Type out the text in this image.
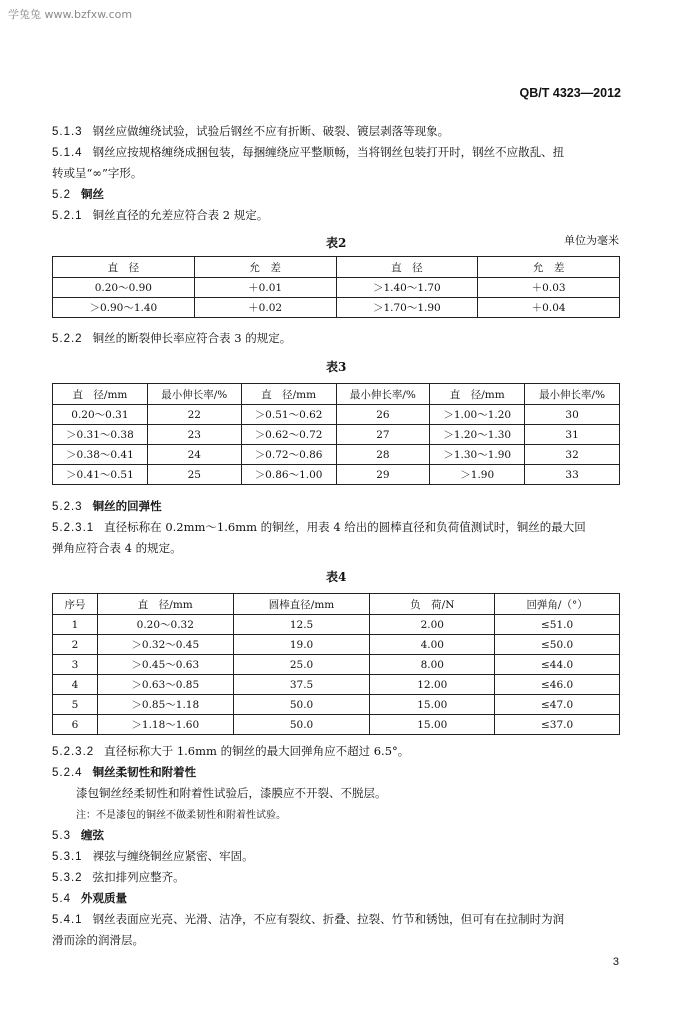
学兔兔 www.bzfxw.com
QB/T 4323—2012
5.1.3 钢丝应做缠绕试验，试验后钢丝不应有折断、破裂、镀层剥落等现象。
5.1.4 钢丝应按规格缠绕成捆包装，每捆缠绕应平整顺畅，当将钢丝包装打开时，钢丝不应散乱、扭
转或呈“∞”字形。
5.2 铜丝
5.2.1 铜丝直径的允差应符合表 2 规定。
表2	单位为毫米
直　径	允　差	直　径	允　差
0.20～0.90	＋0.01	＞1.40～1.70	＋0.03
＞0.90～1.40	＋0.02	＞1.70～1.90	＋0.04
5.2.2 铜丝的断裂伸长率应符合表 3 的规定。
表3
直　径/mm	最小伸长率/%	直　径/mm	最小伸长率/%	直　径/mm	最小伸长率/%
0.20～0.31	22	＞0.51～0.62	26	＞1.00～1.20	30
＞0.31～0.38	23	＞0.62～0.72	27	＞1.20～1.30	31
＞0.38～0.41	24	＞0.72～0.86	28	＞1.30～1.90	32
＞0.41～0.51	25	＞0.86～1.00	29	＞1.90	33
5.2.3 铜丝的回弹性
5.2.3.1 直径标称在 0.2mm～1.6mm 的铜丝，用表 4 给出的圆棒直径和负荷值测试时，铜丝的最大回
弹角应符合表 4 的规定。
表4
序号	直　径/mm	圆棒直径/mm	负　荷/N	回弹角/（°）
1	0.20～0.32	12.5	2.00	≤51.0
2	＞0.32～0.45	19.0	4.00	≤50.0
3	＞0.45～0.63	25.0	8.00	≤44.0
4	＞0.63～0.85	37.5	12.00	≤46.0
5	＞0.85～1.18	50.0	15.00	≤47.0
6	＞1.18～1.60	50.0	15.00	≤37.0
5.2.3.2 直径标称大于 1.6mm 的铜丝的最大回弹角应不超过 6.5°。
5.2.4 铜丝柔韧性和附着性
漆包铜丝经柔韧性和附着性试验后，漆膜应不开裂、不脱层。
注：不是漆包的铜丝不做柔韧性和附着性试验。
5.3 缠弦
5.3.1 裸弦与缠绕铜丝应紧密、牢固。
5.3.2 弦扣排列应整齐。
5.4 外观质量
5.4.1 钢丝表面应光亮、光滑、洁净，不应有裂纹、折叠、拉裂、竹节和锈蚀，但可有在拉制时为润
滑而涂的润滑层。
3
